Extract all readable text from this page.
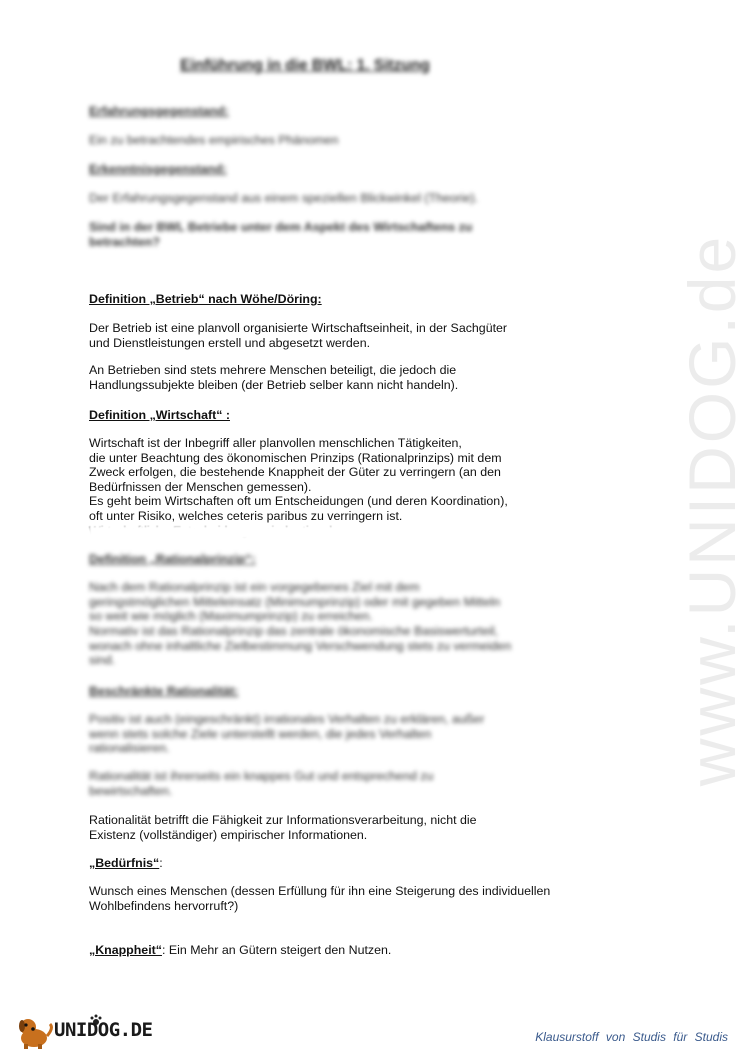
www.UNIDOG.de
Einführung in die BWL: 1. Sitzung

Erfahrungsgegenstand:

Ein zu betrachtendes empirisches Phänomen

Erkenntnisgegenstand:

Der Erfahrungsgegenstand aus einem speziellen Blickwinkel (Theorie).

Sind in der BWL Betriebe unter dem Aspekt des Wirtschaftens zu betrachten?

Definition „Betrieb“ nach Wöhe/Döring:

Der Betrieb ist eine planvoll organisierte Wirtschaftseinheit, in der Sachgüter
und Dienstleistungen erstell und abgesetzt werden.

An Betrieben sind stets mehrere Menschen beteiligt, die jedoch die
Handlungssubjekte bleiben (der Betrieb selber kann nicht handeln).

Definition „Wirtschaft“ :

Wirtschaft ist der Inbegriff aller planvollen menschlichen Tätigkeiten,
die unter Beachtung des ökonomischen Prinzips (Rationalprinzips) mit dem
Zweck erfolgen, die bestehende Knappheit der Güter zu verringern (an den
Bedürfnissen der Menschen gemessen).
Es geht beim Wirtschaften oft um Entscheidungen (und deren Koordination),
oft unter Risiko, welches ceteris paribus zu verringern ist.

Definition „Rationalprinzip“:

Nach dem Rationalprinzip ist ein vorgegebenes Ziel mit dem geringstmöglichen Mitteleinsatz (Minimumprinzip) oder mit gegeben Mitteln so weit wie möglich (Maximumprinzip) zu erreichen.

Normativ ist das Rationalprinzip das zentrale ökonomische Basiswerturteil, wonach ohne inhaltliche Zielbestimmung Verschwendung stets zu vermeiden sind.

Beschränkte Rationalität:

Positiv ist auch (eingeschränkt) irrationales Verhalten zu erklären, außer wenn stets solche Ziele unterstellt werden, die jedes Verhalten rationalisieren.

Rationalität ist ihrerseits ein knappes Gut und entsprechend zu bewirtschaften.

Rationalität betrifft die Fähigkeit zur Informationsverarbeitung, nicht die
Existenz (vollständiger) empirischer Informationen.

„Bedürfnis“:

Wunsch eines Menschen (dessen Erfüllung für ihn eine Steigerung des individuellen
Wohlbefindens hervorruft?)

„Knappheit“: Ein Mehr an Gütern steigert den Nutzen.

UNIDOG.DE	Klausurstoff von Studis für Studis
